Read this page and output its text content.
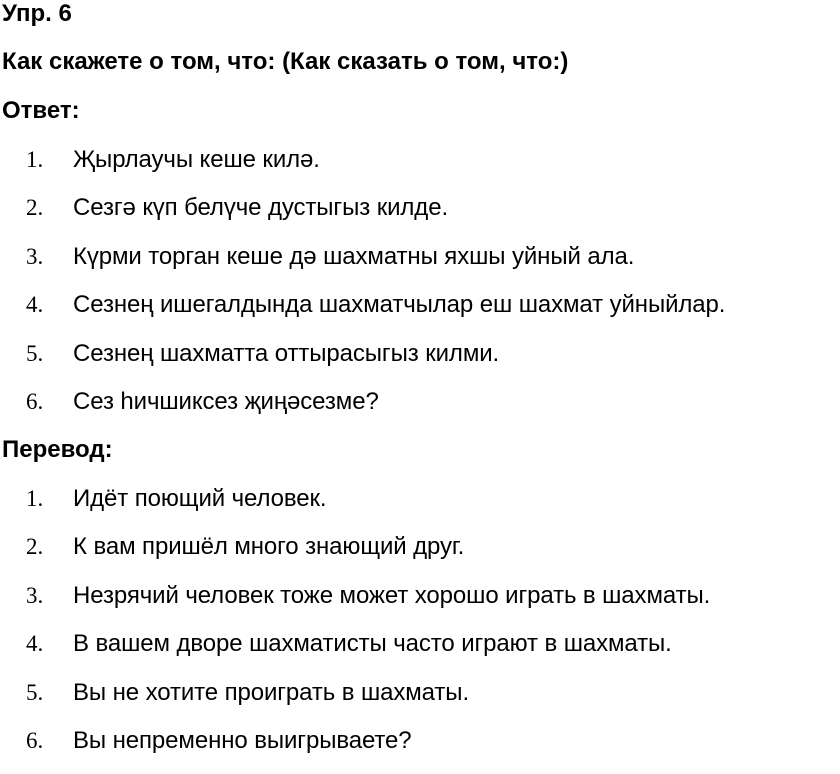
Упр. 6
Как скажете о том, что: (Как сказать о том, что:)
Ответ:
1. Җырлаучы кеше килә.
2. Сезгә күп белүче дустыгыз килде.
3. Күрми торган кеше дә шахматны яхшы уйный ала.
4. Сезнең ишегалдында шахматчылар еш шахмат уйныйлар.
5. Сезнең шахматта оттырасыгыз килми.
6. Сез һичшиксез җиңәсезме?
Перевод:
1. Идёт поющий человек.
2. К вам пришёл много знающий друг.
3. Незрячий человек тоже может хорошо играть в шахматы.
4. В вашем дворе шахматисты часто играют в шахматы.
5. Вы не хотите проиграть в шахматы.
6. Вы непременно выигрываете?
